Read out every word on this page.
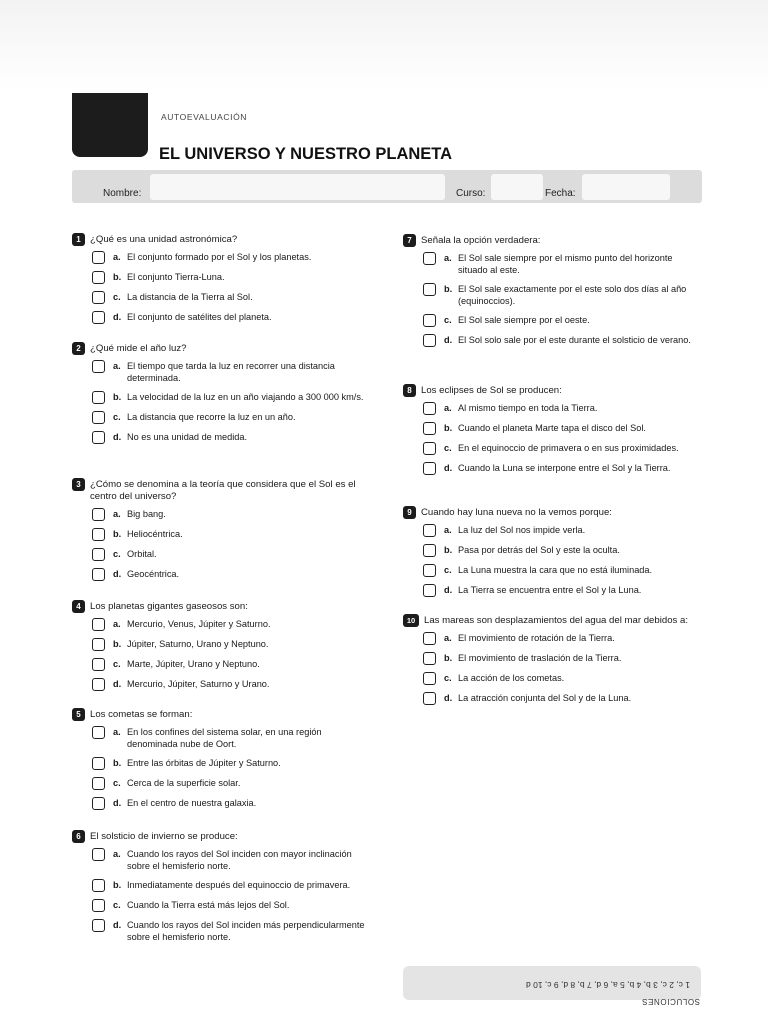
AUTOEVALUACIÓN
EL UNIVERSO Y NUESTRO PLANETA
Nombre:	Curso:	Fecha:
1 ¿Qué es una unidad astronómica?
a. El conjunto formado por el Sol y los planetas.
b. El conjunto Tierra-Luna.
c. La distancia de la Tierra al Sol.
d. El conjunto de satélites del planeta.
2 ¿Qué mide el año luz?
a. El tiempo que tarda la luz en recorrer una distancia determinada.
b. La velocidad de la luz en un año viajando a 300 000 km/s.
c. La distancia que recorre la luz en un año.
d. No es una unidad de medida.
3 ¿Cómo se denomina a la teoría que considera que el Sol es el centro del universo?
a. Big bang.
b. Heliocéntrica.
c. Orbital.
d. Geocéntrica.
4 Los planetas gigantes gaseosos son:
a. Mercurio, Venus, Júpiter y Saturno.
b. Júpiter, Saturno, Urano y Neptuno.
c. Marte, Júpiter, Urano y Neptuno.
d. Mercurio, Júpiter, Saturno y Urano.
5 Los cometas se forman:
a. En los confines del sistema solar, en una región denominada nube de Oort.
b. Entre las órbitas de Júpiter y Saturno.
c. Cerca de la superficie solar.
d. En el centro de nuestra galaxia.
6 El solsticio de invierno se produce:
a. Cuando los rayos del Sol inciden con mayor inclinación sobre el hemisferio norte.
b. Inmediatamente después del equinoccio de primavera.
c. Cuando la Tierra está más lejos del Sol.
d. Cuando los rayos del Sol inciden más perpendicularmente sobre el hemisferio norte.
7 Señala la opción verdadera:
a. El Sol sale siempre por el mismo punto del horizonte situado al este.
b. El Sol sale exactamente por el este solo dos días al año (equinoccios).
c. El Sol sale siempre por el oeste.
d. El Sol solo sale por el este durante el solsticio de verano.
8 Los eclipses de Sol se producen:
a. Al mismo tiempo en toda la Tierra.
b. Cuando el planeta Marte tapa el disco del Sol.
c. En el equinoccio de primavera o en sus proximidades.
d. Cuando la Luna se interpone entre el Sol y la Tierra.
9 Cuando hay luna nueva no la vemos porque:
a. La luz del Sol nos impide verla.
b. Pasa por detrás del Sol y este la oculta.
c. La Luna muestra la cara que no está iluminada.
d. La Tierra se encuentra entre el Sol y la Luna.
10 Las mareas son desplazamientos del agua del mar debidos a:
a. El movimiento de rotación de la Tierra.
b. El movimiento de traslación de la Tierra.
c. La acción de los cometas.
d. La atracción conjunta del Sol y de la Luna.
1 c, 2 c, 3 b, 4 b, 5 a, 6 d, 7 b, 8 d, 9 c, 10 d
SOLUCIONES
